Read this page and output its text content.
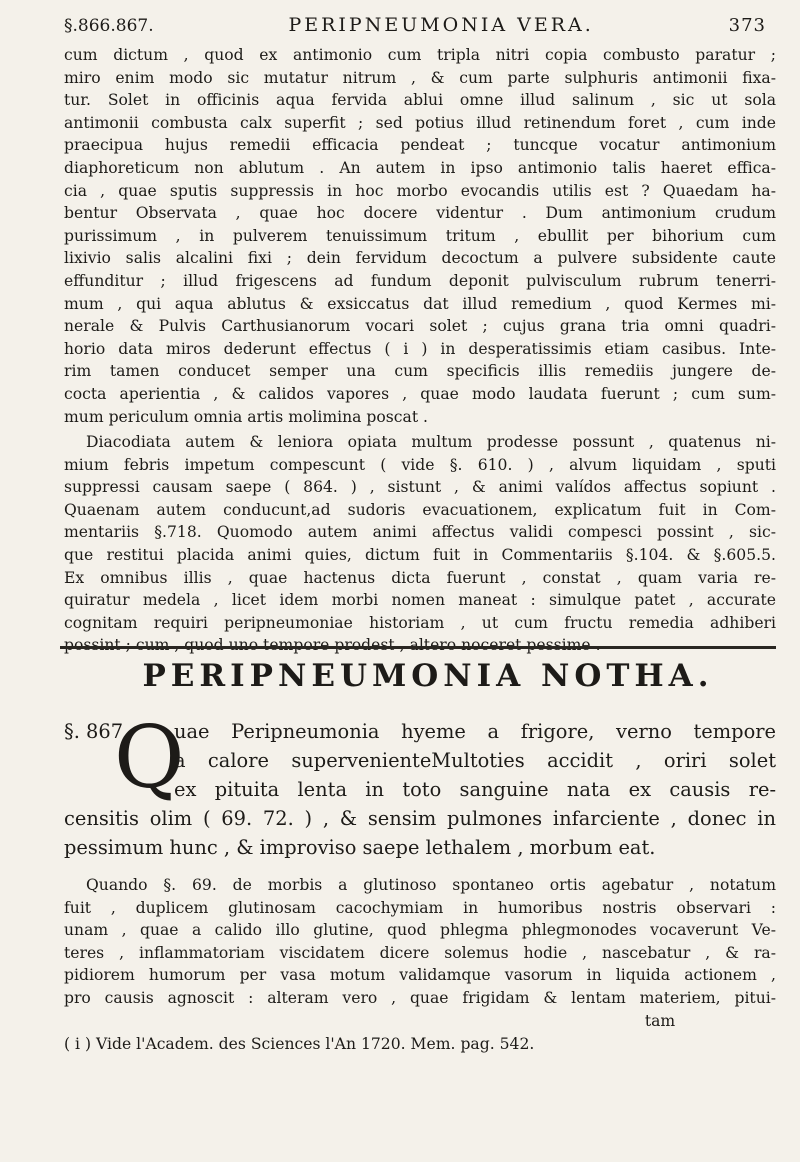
§.866.867.	PERIPNEUMONIA VERA.	373
cum dictum , quod ex antimonio cum tripla nitri copia combusto paratur ;
miro enim modo sic mutatur nitrum , & cum parte sulphuris antimonii fixa-
tur. Solet in officinis aqua fervida ablui omne illud salinum , sic ut sola
antimonii combusta calx superfit ; sed potius illud retinendum foret , cum inde
praecipua hujus remedii efficacia pendeat ; tuncque vocatur antimonium
diaphoreticum non ablutum . An autem in ipso antimonio talis haeret effica-
cia , quae sputis suppressis in hoc morbo evocandis utilis est ? Quaedam ha-
bentur Observata , quae hoc docere videntur . Dum antimonium crudum
purissimum , in pulverem tenuissimum tritum , ebullit per bihorium cum
lixivio salis alcalini fixi ; dein fervidum decoctum a pulvere subsidente caute
effunditur ; illud frigescens ad fundum deponit pulvisculum rubrum tenerri-
mum , qui aqua ablutus & exsiccatus dat illud remedium , quod Kermes mi-
nerale & Pulvis Carthusianorum vocari solet ; cujus grana tria omni quadri-
horio data miros dederunt effectus ( i ) in desperatissimis etiam casibus. Inte-
rim tamen conducet semper una cum specificis illis remediis jungere de-
cocta aperientia , & calidos vapores , quae modo laudata fuerunt ; cum sum-
mum periculum omnia artis molimina poscat .
Diacodiata autem & leniora opiata multum prodesse possunt , quatenus ni-
mium febris impetum compescunt ( vide §. 610. ) , alvum liquidam , sputi
suppressi causam saepe ( 864. ) , sistunt , & animi valídos affectus sopiunt .
Quaenam autem conducunt,ad sudoris evacuationem, explicatum fuit in Com-
mentariis §.718. Quomodo autem animi affectus validi compesci possint , sic-
que restitui placida animi quies, dictum fuit in Commentariis §.104. & §.605.5.
Ex omnibus illis , quae hactenus dicta fuerunt , constat , quam varia re-
quiratur medela , licet idem morbi nomen maneat : simulque patet , accurate
cognitam requiri peripneumoniae historiam , ut cum fructu remedia adhiberi
possint ; cum , quod uno tempore prodest , altero noceret pessime .
PERIPNEUMONIA NOTHA.
§. 867.
Q
uae Peripneumonia hyeme a frigore, verno tempore
a calore supervenienteMultoties accidit , oriri solet
ex pituita lenta in toto sanguine nata ex causis re-
censitis olim ( 69. 72. ) , & sensim pulmones infarciente , donec in
pessimum hunc , & improviso saepe lethalem , morbum eat.
Quando §. 69. de morbis a glutinoso spontaneo ortis agebatur , notatum
fuit , duplicem glutinosam cacochymiam in humoribus nostris observari :
unam , quae a calido illo glutine, quod phlegma phlegmonodes vocaverunt Ve-
teres , inflammatoriam viscidatem dicere solemus hodie , nascebatur , & ra-
pidiorem humorum per vasa motum validamque vasorum in liquida actionem ,
pro causis agnoscit : alteram vero , quae frigidam & lentam materiem, pitui-
tam
( i ) Vide l'Academ. des Sciences l'An 1720. Mem. pag. 542.
